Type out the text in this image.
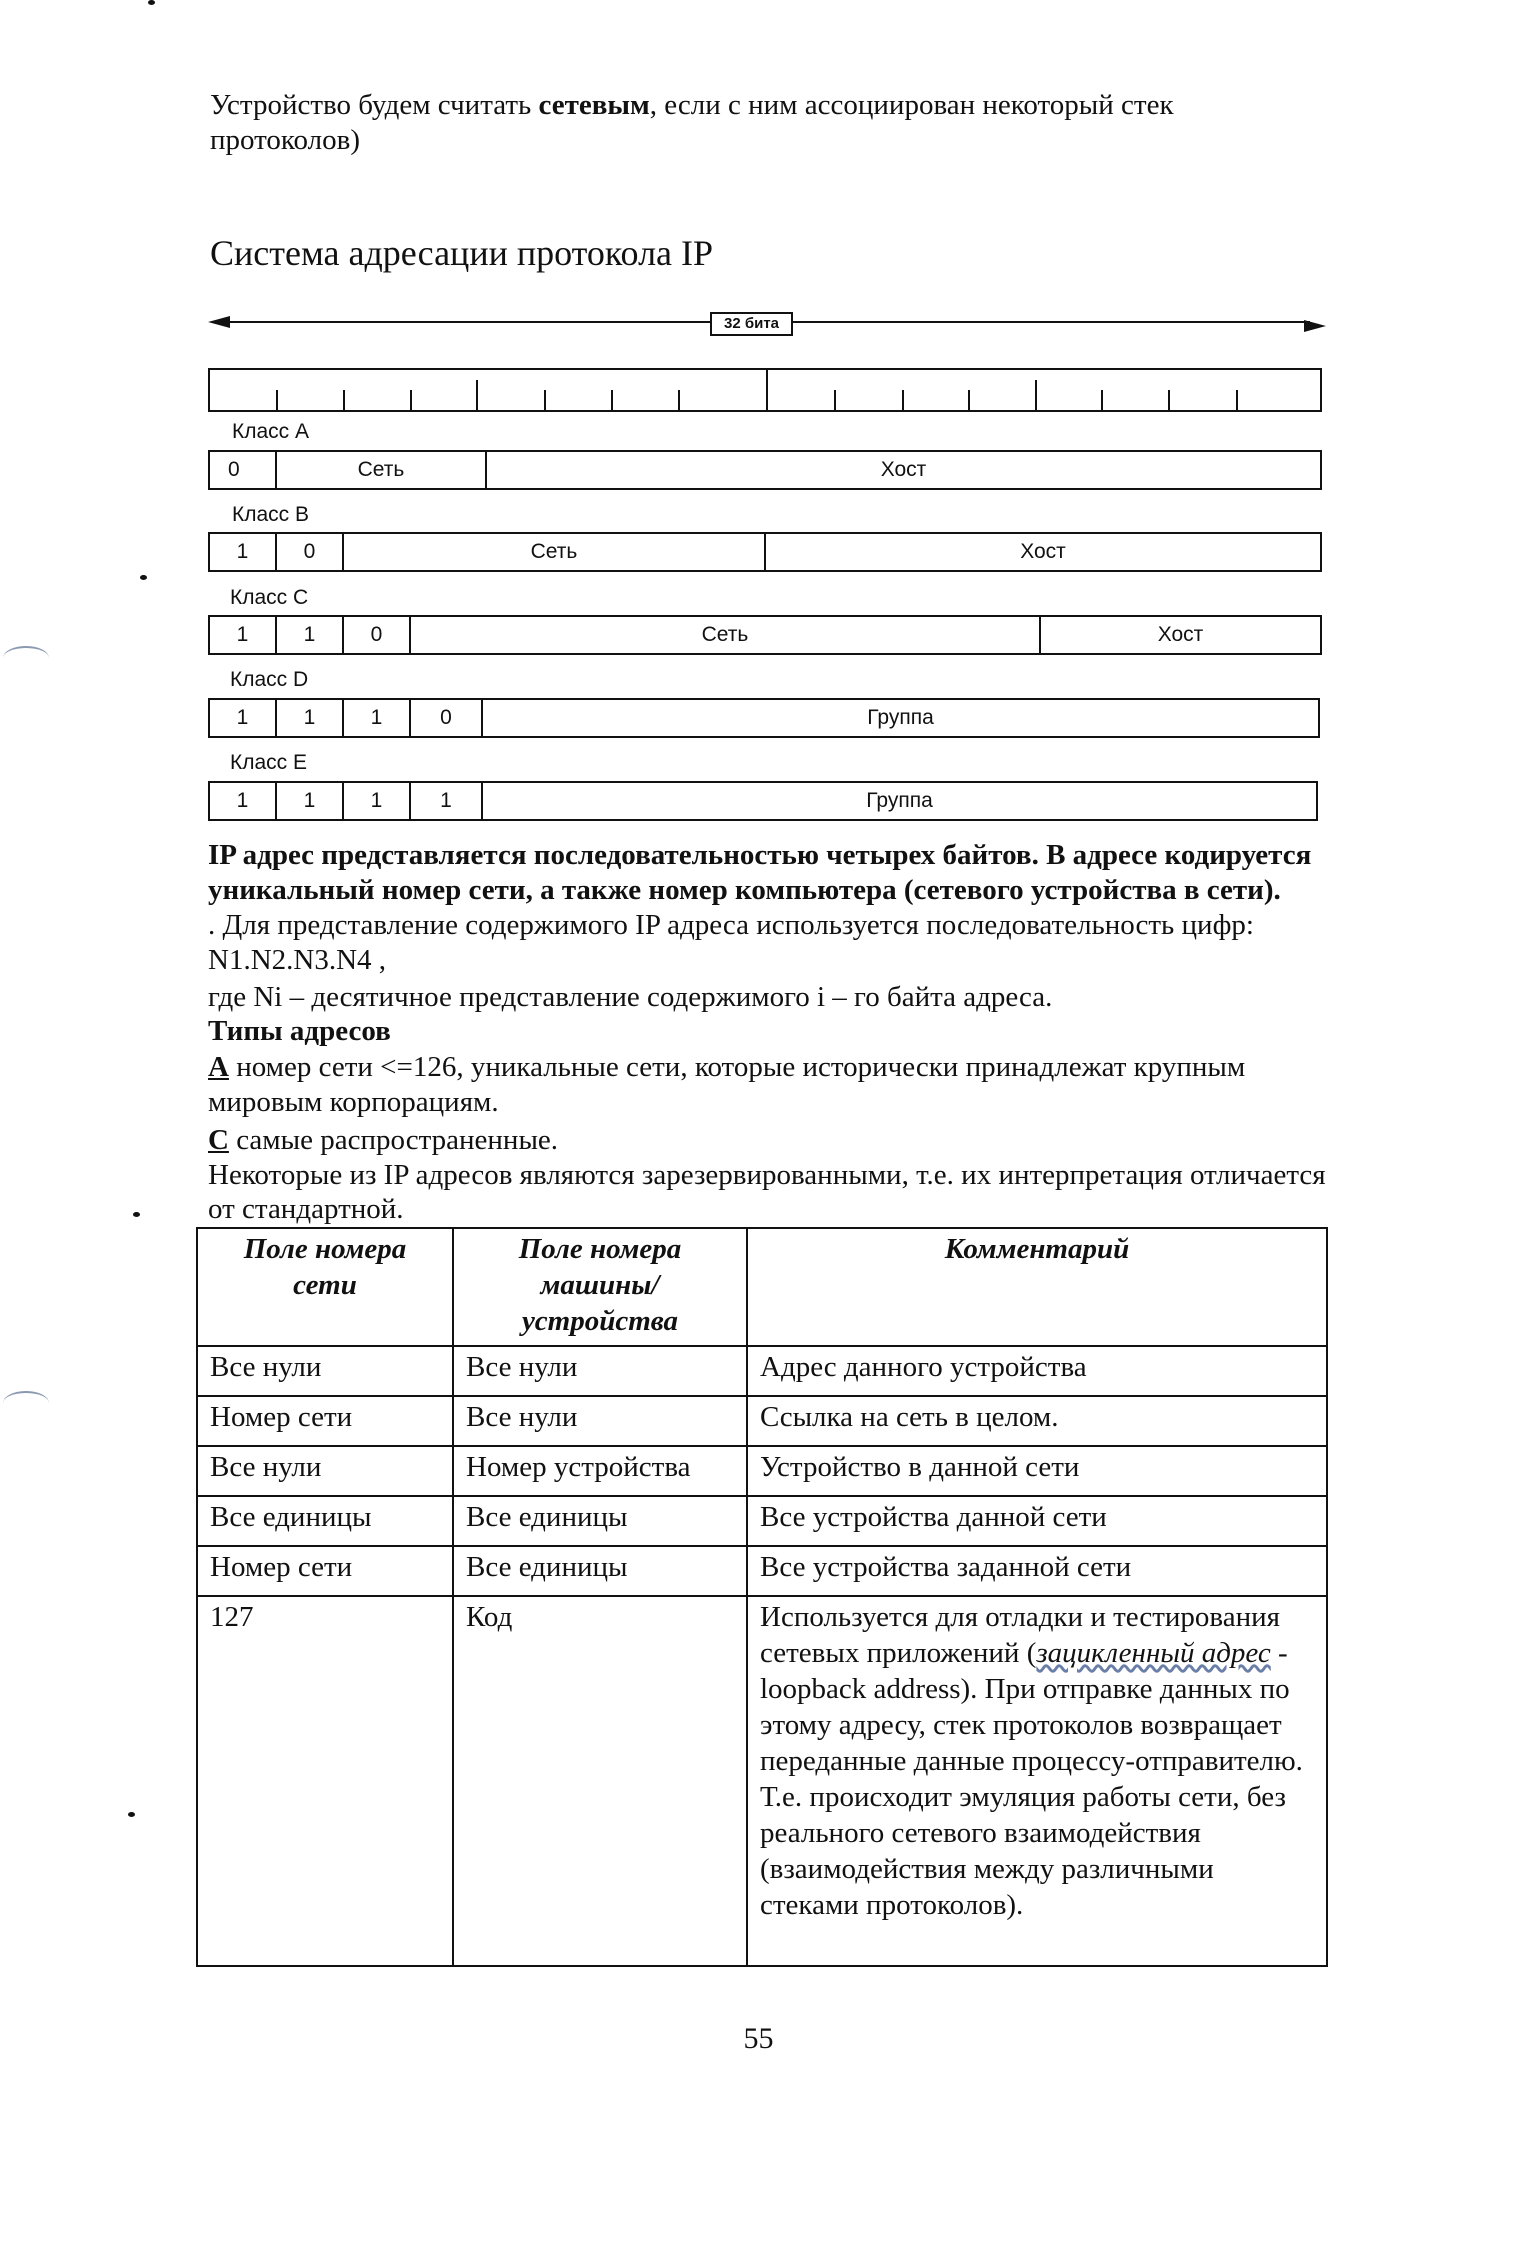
Устройство будем считать сетевым, если с ним ассоциирован некоторый стек
протоколов)
Система адресации протокола IP
32 бита
Класс A
0	Сеть	Хост
Класс B
1	0	Сеть	Хост
Класс C
1	1	0	Сеть	Хост
Класс D
1	1	1	0	Группа
Класс E
1	1	1	1	Группа
IP адрес представляется последовательностью четырех байтов. В адресе кодируется
уникальный номер сети, а также номер компьютера (сетевого устройства в сети).
. Для представление содержимого IP адреса используется последовательность цифр:
N1.N2.N3.N4 ,
где Ni – десятичное представление содержимого i – го байта адреса.
Типы адресов
A номер сети <=126, уникальные сети, которые исторически принадлежат крупным
мировым корпорациям.
C самые распространенные.
Некоторые из IP адресов являются зарезервированными, т.е. их интерпретация отличается
от стандартной.
Поле номера сети	Поле номера машины/устройства	Комментарий
Все нули	Все нули	Адрес данного устройства
Номер сети	Все нули	Ссылка на сеть в целом.
Все нули	Номер устройства	Устройство в данной сети
Все единицы	Все единицы	Все устройства данной сети
Номер сети	Все единицы	Все устройства заданной сети
127	Код	Используется для отладки и тестирования сетевых приложений (зацикленный адрес - loopback address). При отправке данных по этому адресу, стек протоколов возвращает переданные данные процессу-отправителю. Т.е. происходит эмуляция работы сети, без реального сетевого взаимодействия (взаимодействия между различными стеками протоколов).
55
